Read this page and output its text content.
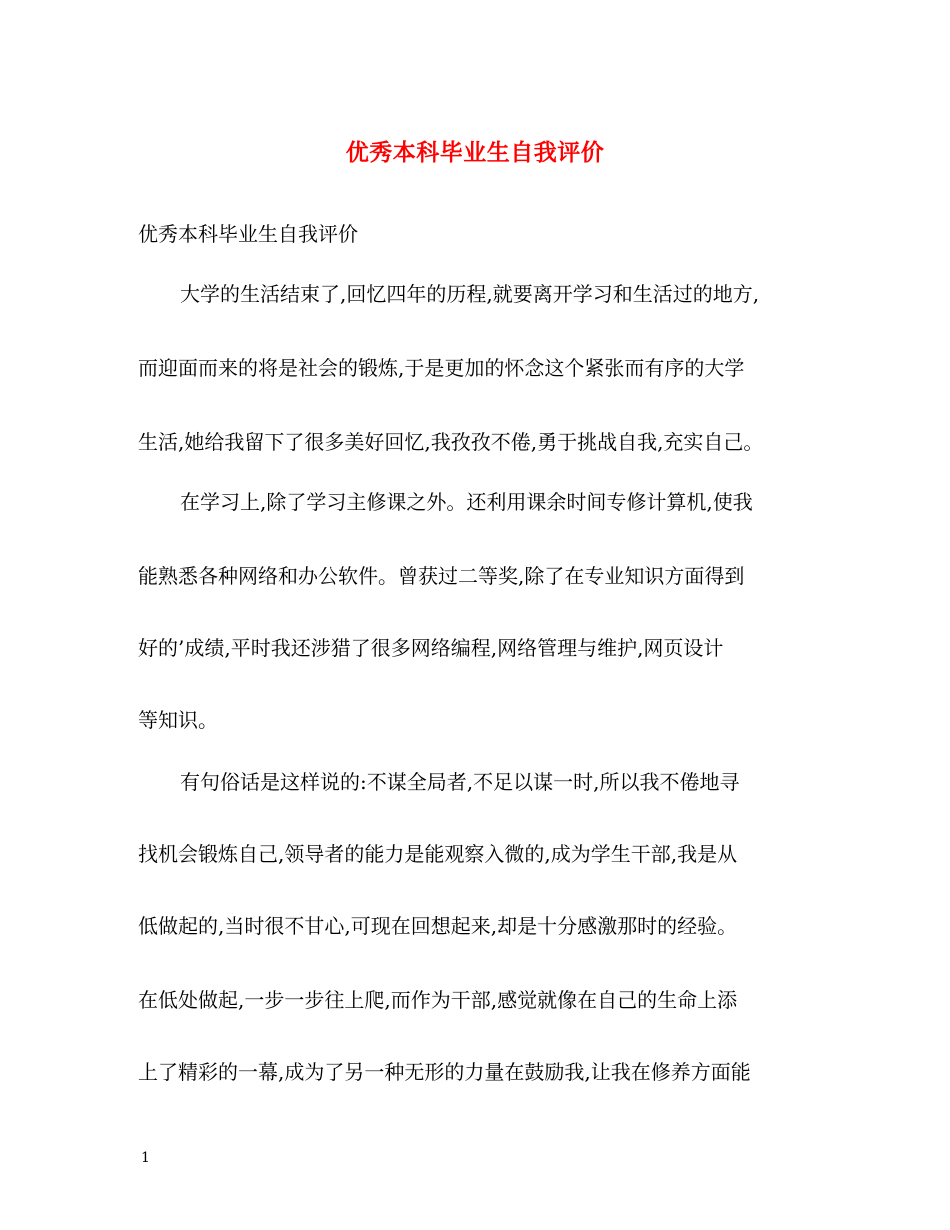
优秀本科毕业生自我评价
优秀本科毕业生自我评价
大学的生活结束了,回忆四年的历程,就要离开学习和生活过的地方,
而迎面而来的将是社会的锻炼,于是更加的怀念这个紧张而有序的大学
生活,她给我留下了很多美好回忆,我孜孜不倦,勇于挑战自我,充实自己。
在学习上,除了学习主修课之外。还利用课余时间专修计算机,使我
能熟悉各种网络和办公软件。曾获过二等奖,除了在专业知识方面得到
好的’成绩,平时我还涉猎了很多网络编程,网络管理与维护,网页设计
等知识。
有句俗话是这样说的:不谋全局者,不足以谋一时,所以我不倦地寻
找机会锻炼自己,领导者的能力是能观察入微的,成为学生干部,我是从
低做起的,当时很不甘心,可现在回想起来,却是十分感激那时的经验。
在低处做起,一步一步往上爬,而作为干部,感觉就像在自己的生命上添
上了精彩的一幕,成为了另一种无形的力量在鼓励我,让我在修养方面能
1
